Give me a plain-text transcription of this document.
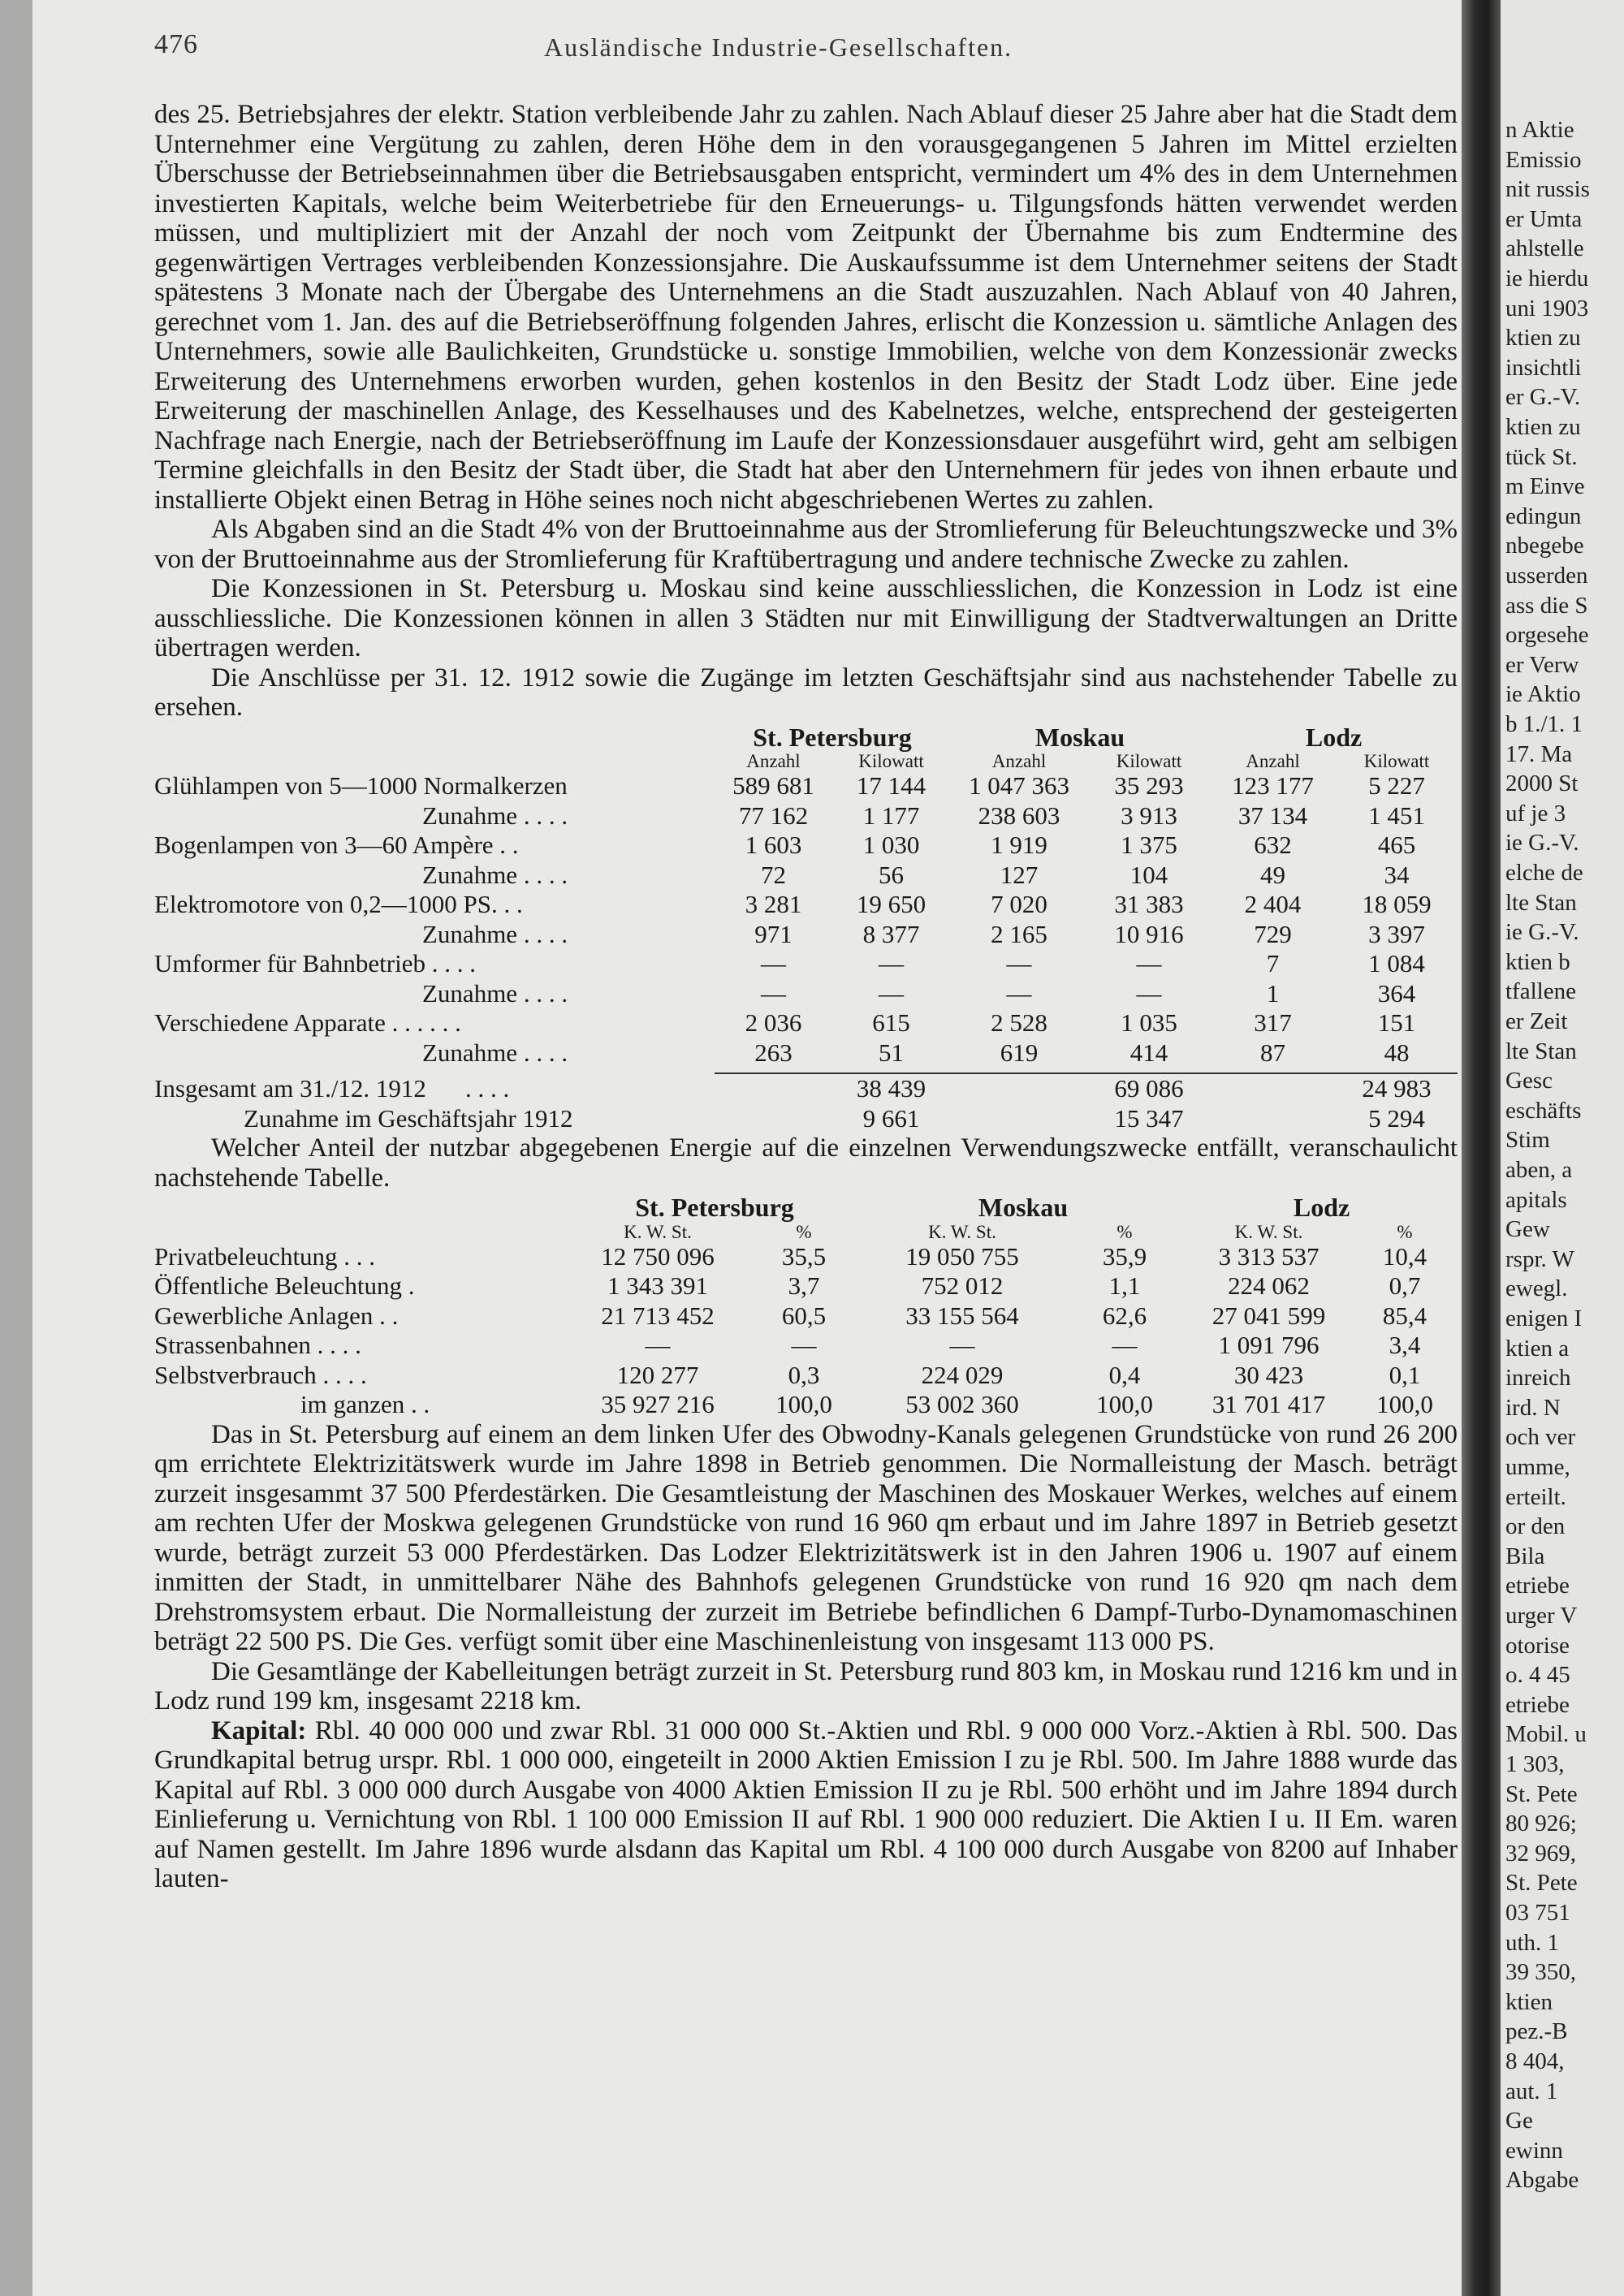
476	Ausländische Industrie-Gesellschaften.

des 25. Betriebsjahres der elektr. Station verbleibende Jahr zu zahlen. Nach Ablauf dieser 25 Jahre aber hat die Stadt dem Unternehmer eine Vergütung zu zahlen, deren Höhe dem in den vorausgegangenen 5 Jahren im Mittel erzielten Überschusse der Betriebseinnahmen über die Betriebsausgaben entspricht, vermindert um 4% des in dem Unternehmen investierten Kapitals, welche beim Weiterbetriebe für den Erneuerungs- u. Tilgungsfonds hätten verwendet werden müssen, und multipliziert mit der Anzahl der noch vom Zeitpunkt der Übernahme bis zum Endtermine des gegenwärtigen Vertrages verbleibenden Konzessionsjahre. Die Auskaufssumme ist dem Unternehmer seitens der Stadt spätestens 3 Monate nach der Übergabe des Unternehmens an die Stadt auszuzahlen. Nach Ablauf von 40 Jahren, gerechnet vom 1. Jan. des auf die Betriebseröffnung folgenden Jahres, erlischt die Konzession u. sämtliche Anlagen des Unternehmers, sowie alle Baulichkeiten, Grundstücke u. sonstige Immobilien, welche von dem Konzessionär zwecks Erweiterung des Unternehmens erworben wurden, gehen kostenlos in den Besitz der Stadt Lodz über. Eine jede Erweiterung der maschinellen Anlage, des Kesselhauses und des Kabelnetzes, welche, entsprechend der gesteigerten Nachfrage nach Energie, nach der Betriebseröffnung im Laufe der Konzessionsdauer ausgeführt wird, geht am selbigen Termine gleichfalls in den Besitz der Stadt über, die Stadt hat aber den Unternehmern für jedes von ihnen erbaute und installierte Objekt einen Betrag in Höhe seines noch nicht abgeschriebenen Wertes zu zahlen.

Als Abgaben sind an die Stadt 4% von der Bruttoeinnahme aus der Stromlieferung für Beleuchtungszwecke und 3% von der Bruttoeinnahme aus der Stromlieferung für Kraftübertragung und andere technische Zwecke zu zahlen.

Die Konzessionen in St. Petersburg u. Moskau sind keine ausschliesslichen, die Konzession in Lodz ist eine ausschliessliche. Die Konzessionen können in allen 3 Städten nur mit Einwilligung der Stadtverwaltungen an Dritte übertragen werden.

Die Anschlüsse per 31. 12. 1912 sowie die Zugänge im letzten Geschäftsjahr sind aus nachstehender Tabelle zu ersehen.

	St. Petersburg		Moskau		Lodz	
	Anzahl	Kilowatt	Anzahl	Kilowatt	Anzahl	Kilowatt
Glühlampen von 5—1000 Normalkerzen	589 681	17 144	1 047 363	35 293	123 177	5 227
Zunahme . . . .	77 162	1 177	238 603	3 913	37 134	1 451
Bogenlampen von 3—60 Ampère . .	1 603	1 030	1 919	1 375	632	465
Zunahme . . . .	72	56	127	104	49	34
Elektromotore von 0,2—1000 PS. . .	3 281	19 650	7 020	31 383	2 404	18 059
Zunahme . . . .	971	8 377	2 165	10 916	729	3 397
Umformer für Bahnbetrieb . . . .	—	—	—	—	7	1 084
Zunahme . . . .	—	—	—	—	1	364
Verschiedene Apparate . . . . . .	2 036	615	2 528	1 035	317	151
Zunahme . . . .	263	51	619	414	87	48

Insgesamt am 31./12. 1912 . . . .		38 439		69 086		24 983
Zunahme im Geschäftsjahr 1912		9 661		15 347		5 294

Welcher Anteil der nutzbar abgegebenen Energie auf die einzelnen Verwendungszwecke entfällt, veranschaulicht nachstehende Tabelle.

	St. Petersburg		Moskau		Lodz	
	K. W. St.	%	K. W. St.	%	K. W. St.	%
Privatbeleuchtung . . .	12 750 096	35,5	19 050 755	35,9	3 313 537	10,4
Öffentliche Beleuchtung .	1 343 391	3,7	752 012	1,1	224 062	0,7
Gewerbliche Anlagen . .	21 713 452	60,5	33 155 564	62,6	27 041 599	85,4
Strassenbahnen . . . .	—	—	—	—	1 091 796	3,4
Selbstverbrauch . . . .	120 277	0,3	224 029	0,4	30 423	0,1
im ganzen . .	35 927 216	100,0	53 002 360	100,0	31 701 417	100,0

Das in St. Petersburg auf einem an dem linken Ufer des Obwodny-Kanals gelegenen Grundstücke von rund 26 200 qm errichtete Elektrizitätswerk wurde im Jahre 1898 in Betrieb genommen. Die Normalleistung der Masch. beträgt zurzeit insgesammt 37 500 Pferdestärken. Die Gesamtleistung der Maschinen des Moskauer Werkes, welches auf einem am rechten Ufer der Moskwa gelegenen Grundstücke von rund 16 960 qm erbaut und im Jahre 1897 in Betrieb gesetzt wurde, beträgt zurzeit 53 000 Pferdestärken. Das Lodzer Elektrizitätswerk ist in den Jahren 1906 u. 1907 auf einem inmitten der Stadt, in unmittelbarer Nähe des Bahnhofs gelegenen Grundstücke von rund 16 920 qm nach dem Drehstromsystem erbaut. Die Normalleistung der zurzeit im Betriebe befindlichen 6 Dampf-Turbo-Dynamomaschinen beträgt 22 500 PS. Die Ges. verfügt somit über eine Maschinenleistung von insgesamt 113 000 PS.

Die Gesamtlänge der Kabelleitungen beträgt zurzeit in St. Petersburg rund 803 km, in Moskau rund 1216 km und in Lodz rund 199 km, insgesamt 2218 km.

Kapital: Rbl. 40 000 000 und zwar Rbl. 31 000 000 St.-Aktien und Rbl. 9 000 000 Vorz.-Aktien à Rbl. 500. Das Grundkapital betrug urspr. Rbl. 1 000 000, eingeteilt in 2000 Aktien Emission I zu je Rbl. 500. Im Jahre 1888 wurde das Kapital auf Rbl. 3 000 000 durch Ausgabe von 4000 Aktien Emission II zu je Rbl. 500 erhöht und im Jahre 1894 durch Einlieferung u. Vernichtung von Rbl. 1 100 000 Emission II auf Rbl. 1 900 000 reduziert. Die Aktien I u. II Em. waren auf Namen gestellt. Im Jahre 1896 wurde alsdann das Kapital um Rbl. 4 100 000 durch Ausgabe von 8200 auf Inhaber lauten-

n Aktie
Emissio
nit russis
er Umta
ahlstelle
ie hierdu
uni 1903
ktien zu
insichtli
er G.-V.
ktien zu
tück St.
m Einve
edingun
nbegebe
usserden
ass die S
orgesehe
er Verw
ie Aktio
b 1./1. 1
17. Ma
2000 St
uf je 3
ie G.-V.
elche de
lte Stan
ie G.-V.
ktien b
tfallene
er Zeit
lte Stan
Gesc
eschäfts
Stim
aben, a
apitals
Gew
rspr. W
ewegl.
enigen I
ktien a
inreich
ird. N
och ver
umme,
erteilt.
or den
Bila
etriebe
urger V
otorise
o. 4 45
etriebe
Mobil. u
1 303,
St. Pete
80 926;
32 969,
St. Pete
03 751
uth. 1
39 350,
ktien
pez.-B
8 404,
aut. 1
Ge
ewinn
Abgabe
